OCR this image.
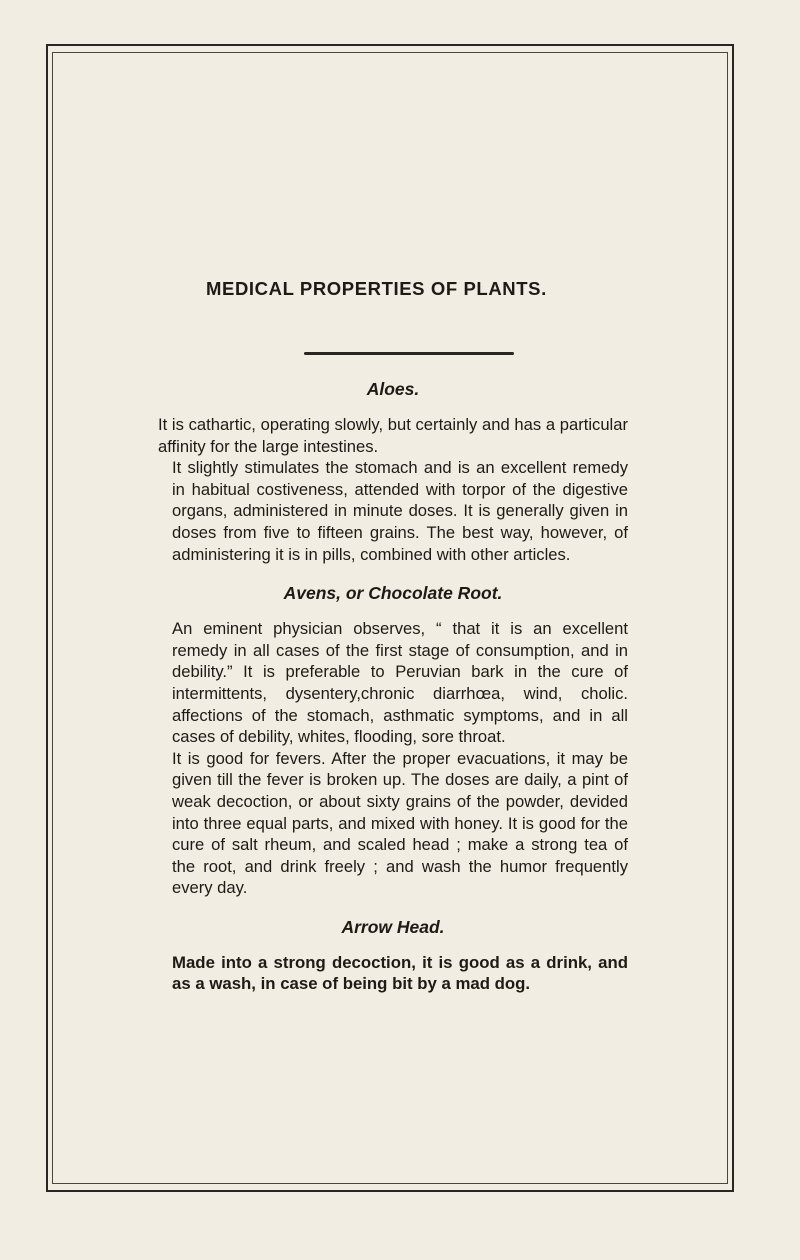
MEDICAL PROPERTIES OF PLANTS.
Aloes.

It is cathartic, operating slowly, but certainly and has a particular affinity for the large intestines.

It slightly stimulates the stomach and is an excellent remedy in habitual costiveness, attended with torpor of the digestive organs, administered in minute doses. It is generally given in doses from five to fifteen grains. The best way, however, of administering it is in pills, combined with other articles.

Avens, or Chocolate Root.

An eminent physician observes, “ that it is an excellent remedy in all cases of the first stage of consumption, and in debility.” It is preferable to Peruvian bark in the cure of intermittents, dysentery,chronic diarrhœa, wind, cholic. affections of the stomach, asthmatic symptoms, and in all cases of debility, whites, flooding, sore throat.

It is good for fevers. After the proper evacuations, it may be given till the fever is broken up. The doses are daily, a pint of weak decoction, or about sixty grains of the powder, devided into three equal parts, and mixed with honey. It is good for the cure of salt rheum, and scaled head ; make a strong tea of the root, and drink freely ; and wash the humor frequently every day.

Arrow Head.

Made into a strong decoction, it is good as a drink, and as a wash, in case of being bit by a mad dog.
